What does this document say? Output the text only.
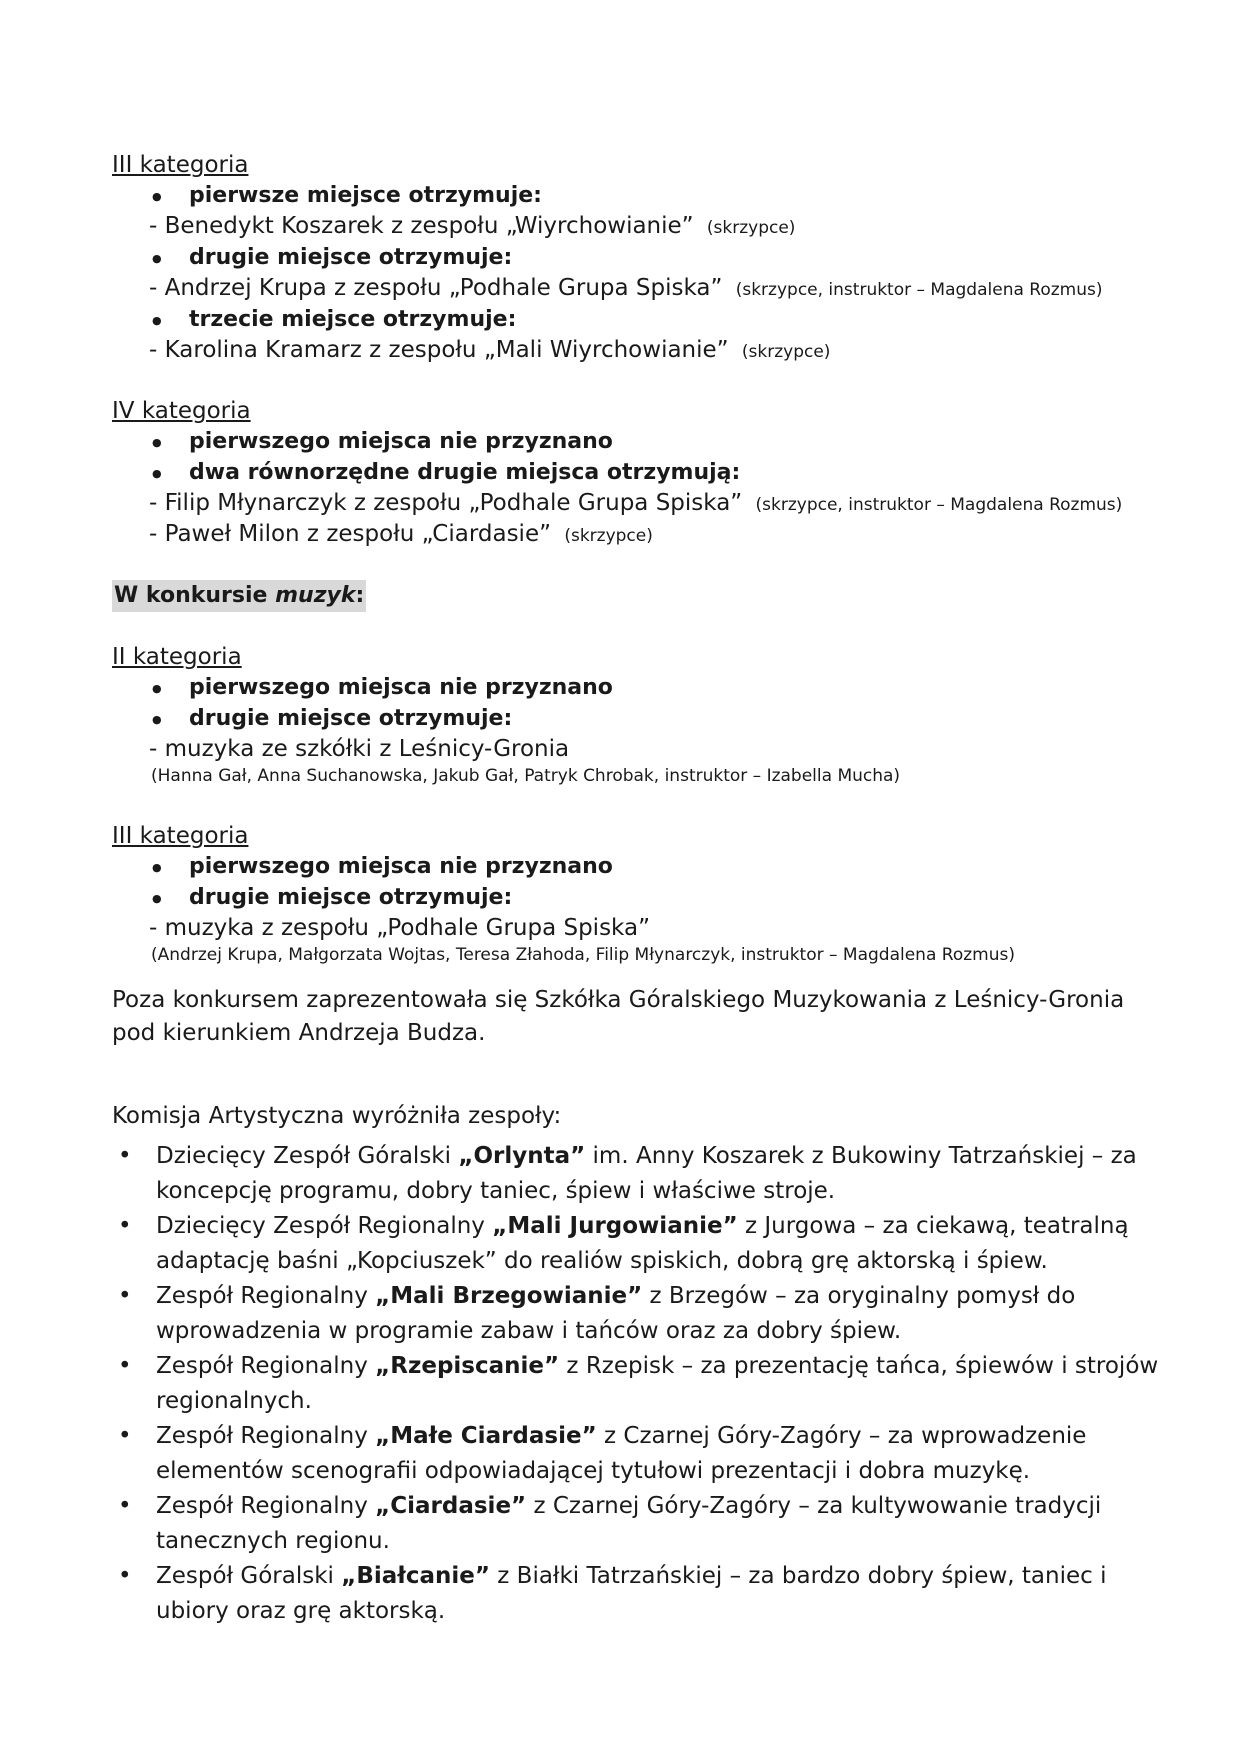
III kategoria
● pierwsze miejsce otrzymuje:
- Benedykt Koszarek z zespołu „Wiyrchowianie” (skrzypce)
● drugie miejsce otrzymuje:
- Andrzej Krupa z zespołu „Podhale Grupa Spiska” (skrzypce, instruktor – Magdalena Rozmus)
● trzecie miejsce otrzymuje:
- Karolina Kramarz z zespołu „Mali Wiyrchowianie” (skrzypce)
IV kategoria
● pierwszego miejsca nie przyznano
● dwa równorzędne drugie miejsca otrzymują:
- Filip Młynarczyk z zespołu „Podhale Grupa Spiska” (skrzypce, instruktor – Magdalena Rozmus)
- Paweł Milon z zespołu „Ciardasie” (skrzypce)
W konkursie muzyk:
II kategoria
● pierwszego miejsca nie przyznano
● drugie miejsce otrzymuje:
- muzyka ze szkółki z Leśnicy-Gronia
(Hanna Gał, Anna Suchanowska, Jakub Gał, Patryk Chrobak, instruktor – Izabella Mucha)
III kategoria
● pierwszego miejsca nie przyznano
● drugie miejsce otrzymuje:
- muzyka z zespołu „Podhale Grupa Spiska”
(Andrzej Krupa, Małgorzata Wojtas, Teresa Złahoda, Filip Młynarczyk, instruktor – Magdalena Rozmus)

Poza konkursem zaprezentowała się Szkółka Góralskiego Muzykowania z Leśnicy-Gronia pod kierunkiem Andrzeja Budza.

Komisja Artystyczna wyróżniła zespoły:

• Dziecięcy Zespół Góralski „Orlynta” im. Anny Koszarek z Bukowiny Tatrzańskiej – za koncepcję programu, dobry taniec, śpiew i właściwe stroje.
• Dziecięcy Zespół Regionalny „Mali Jurgowianie” z Jurgowa – za ciekawą, teatralną adaptację baśni „Kopciuszek” do realiów spiskich, dobrą grę aktorską i śpiew.
• Zespół Regionalny „Mali Brzegowianie” z Brzegów – za oryginalny pomysł do wprowadzenia w programie zabaw i tańców oraz za dobry śpiew.
• Zespół Regionalny „Rzepiscanie” z Rzepisk – za prezentację tańca, śpiewów i strojów regionalnych.
• Zespół Regionalny „Małe Ciardasie” z Czarnej Góry-Zagóry – za wprowadzenie elementów scenografii odpowiadającej tytułowi prezentacji i dobra muzykę.
• Zespół Regionalny „Ciardasie” z Czarnej Góry-Zagóry – za kultywowanie tradycji tanecznych regionu.
• Zespół Góralski „Białcanie” z Białki Tatrzańskiej – za bardzo dobry śpiew, taniec i ubiory oraz grę aktorską.
